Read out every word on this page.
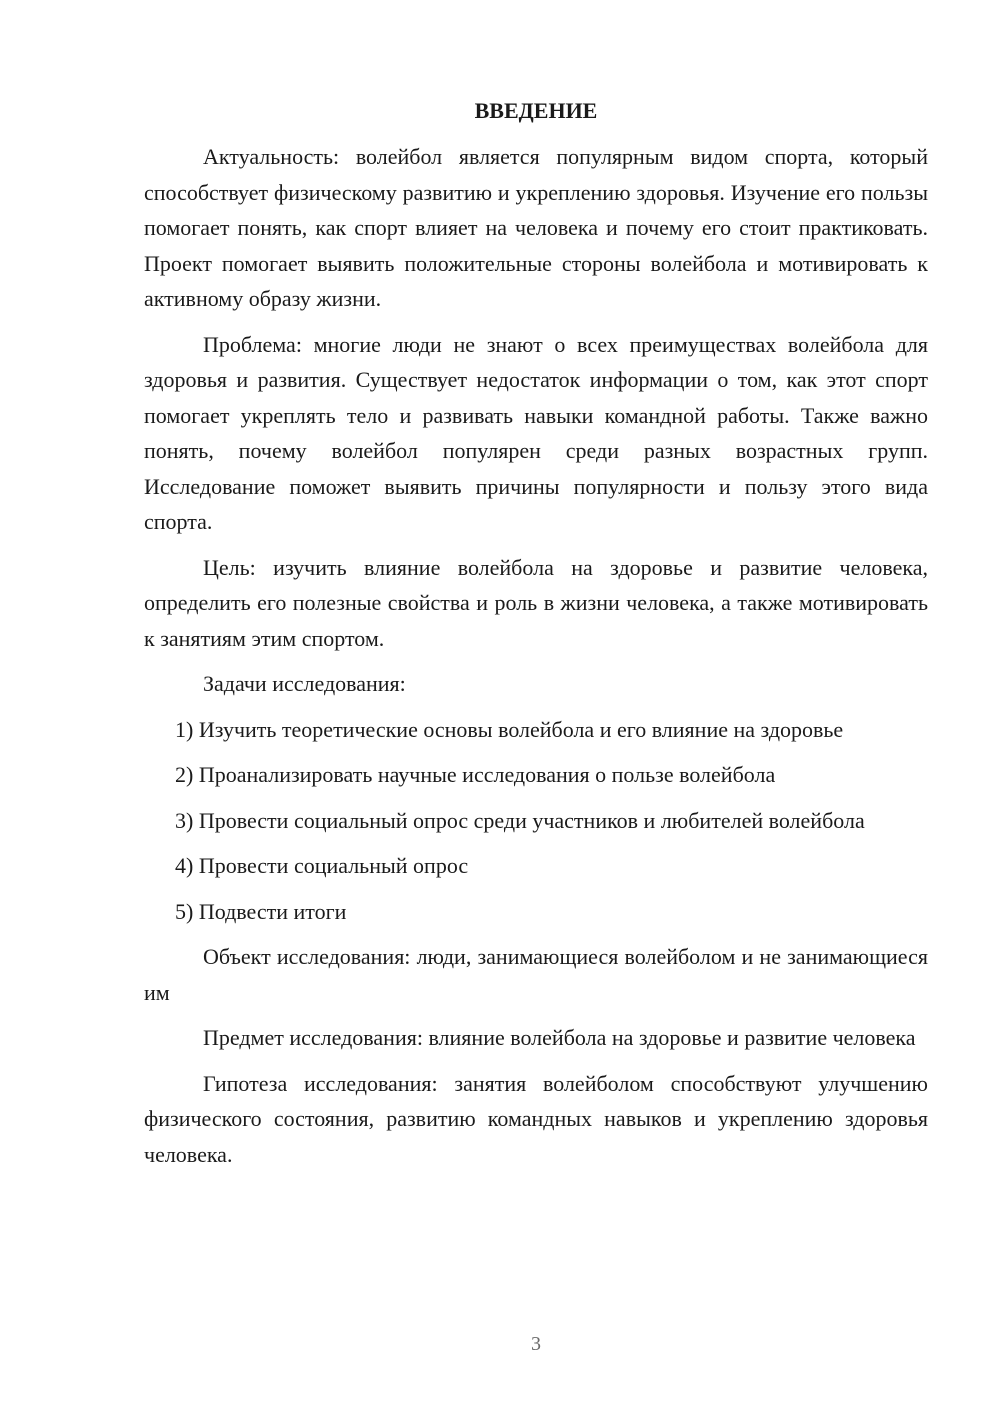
ВВЕДЕНИЕ

Актуальность: волейбол является популярным видом спорта, который способствует физическому развитию и укреплению здоровья. Изучение его пользы помогает понять, как спорт влияет на человека и почему его стоит практиковать. Проект помогает выявить положительные стороны волейбола и мотивировать к активному образу жизни.

Проблема: многие люди не знают о всех преимуществах волейбола для здоровья и развития. Существует недостаток информации о том, как этот спорт помогает укреплять тело и развивать навыки командной работы. Также важно понять, почему волейбол популярен среди разных возрастных групп. Исследование поможет выявить причины популярности и пользу этого вида спорта.

Цель: изучить влияние волейбола на здоровье и развитие человека, определить его полезные свойства и роль в жизни человека, а также мотивировать к занятиям этим спортом.

Задачи исследования:

1) Изучить теоретические основы волейбола и его влияние на здоровье

2) Проанализировать научные исследования о пользе волейбола

3) Провести социальный опрос среди участников и любителей волейбола

4) Провести социальный опрос

5) Подвести итоги

Объект исследования: люди, занимающиеся волейболом и не занимающиеся им

Предмет исследования: влияние волейбола на здоровье и развитие человека

Гипотеза исследования: занятия волейболом способствуют улучшению физического состояния, развитию командных навыков и укреплению здоровья человека.

3
